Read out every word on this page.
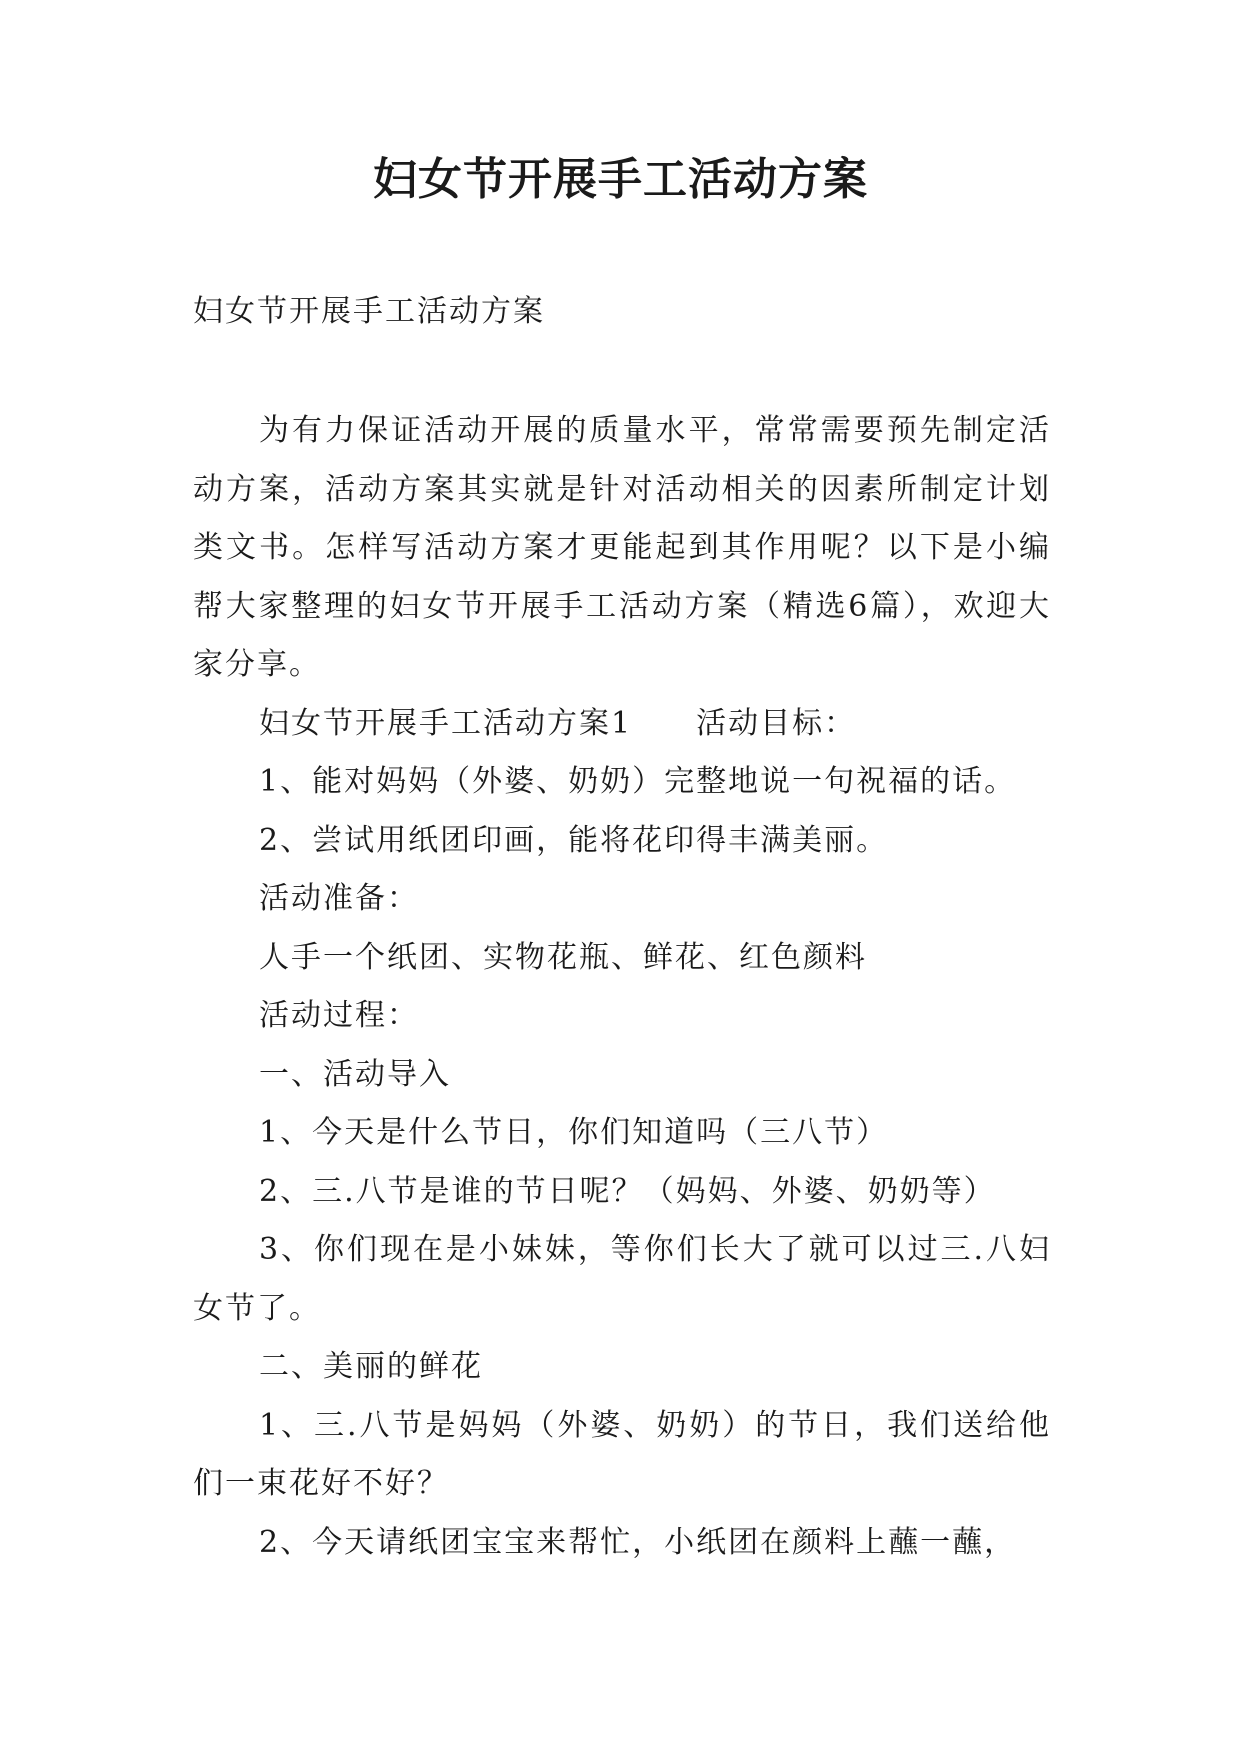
妇女节开展手工活动方案
妇女节开展手工活动方案

为有力保证活动开展的质量水平，常常需要预先制定活动方案，活动方案其实就是针对活动相关的因素所制定计划类文书。怎样写活动方案才更能起到其作用呢？以下是小编帮大家整理的妇女节开展手工活动方案（精选6篇），欢迎大家分享。

妇女节开展手工活动方案1　　活动目标：

1、能对妈妈（外婆、奶奶）完整地说一句祝福的话。

2、尝试用纸团印画，能将花印得丰满美丽。

活动准备：

人手一个纸团、实物花瓶、鲜花、红色颜料

活动过程：

一、活动导入

1、今天是什么节日，你们知道吗（三八节）

2、三.八节是谁的节日呢？（妈妈、外婆、奶奶等）

3、你们现在是小妹妹，等你们长大了就可以过三.八妇女节了。

二、美丽的鲜花

1、三.八节是妈妈（外婆、奶奶）的节日，我们送给他们一束花好不好？

2、今天请纸团宝宝来帮忙，小纸团在颜料上蘸一蘸，
